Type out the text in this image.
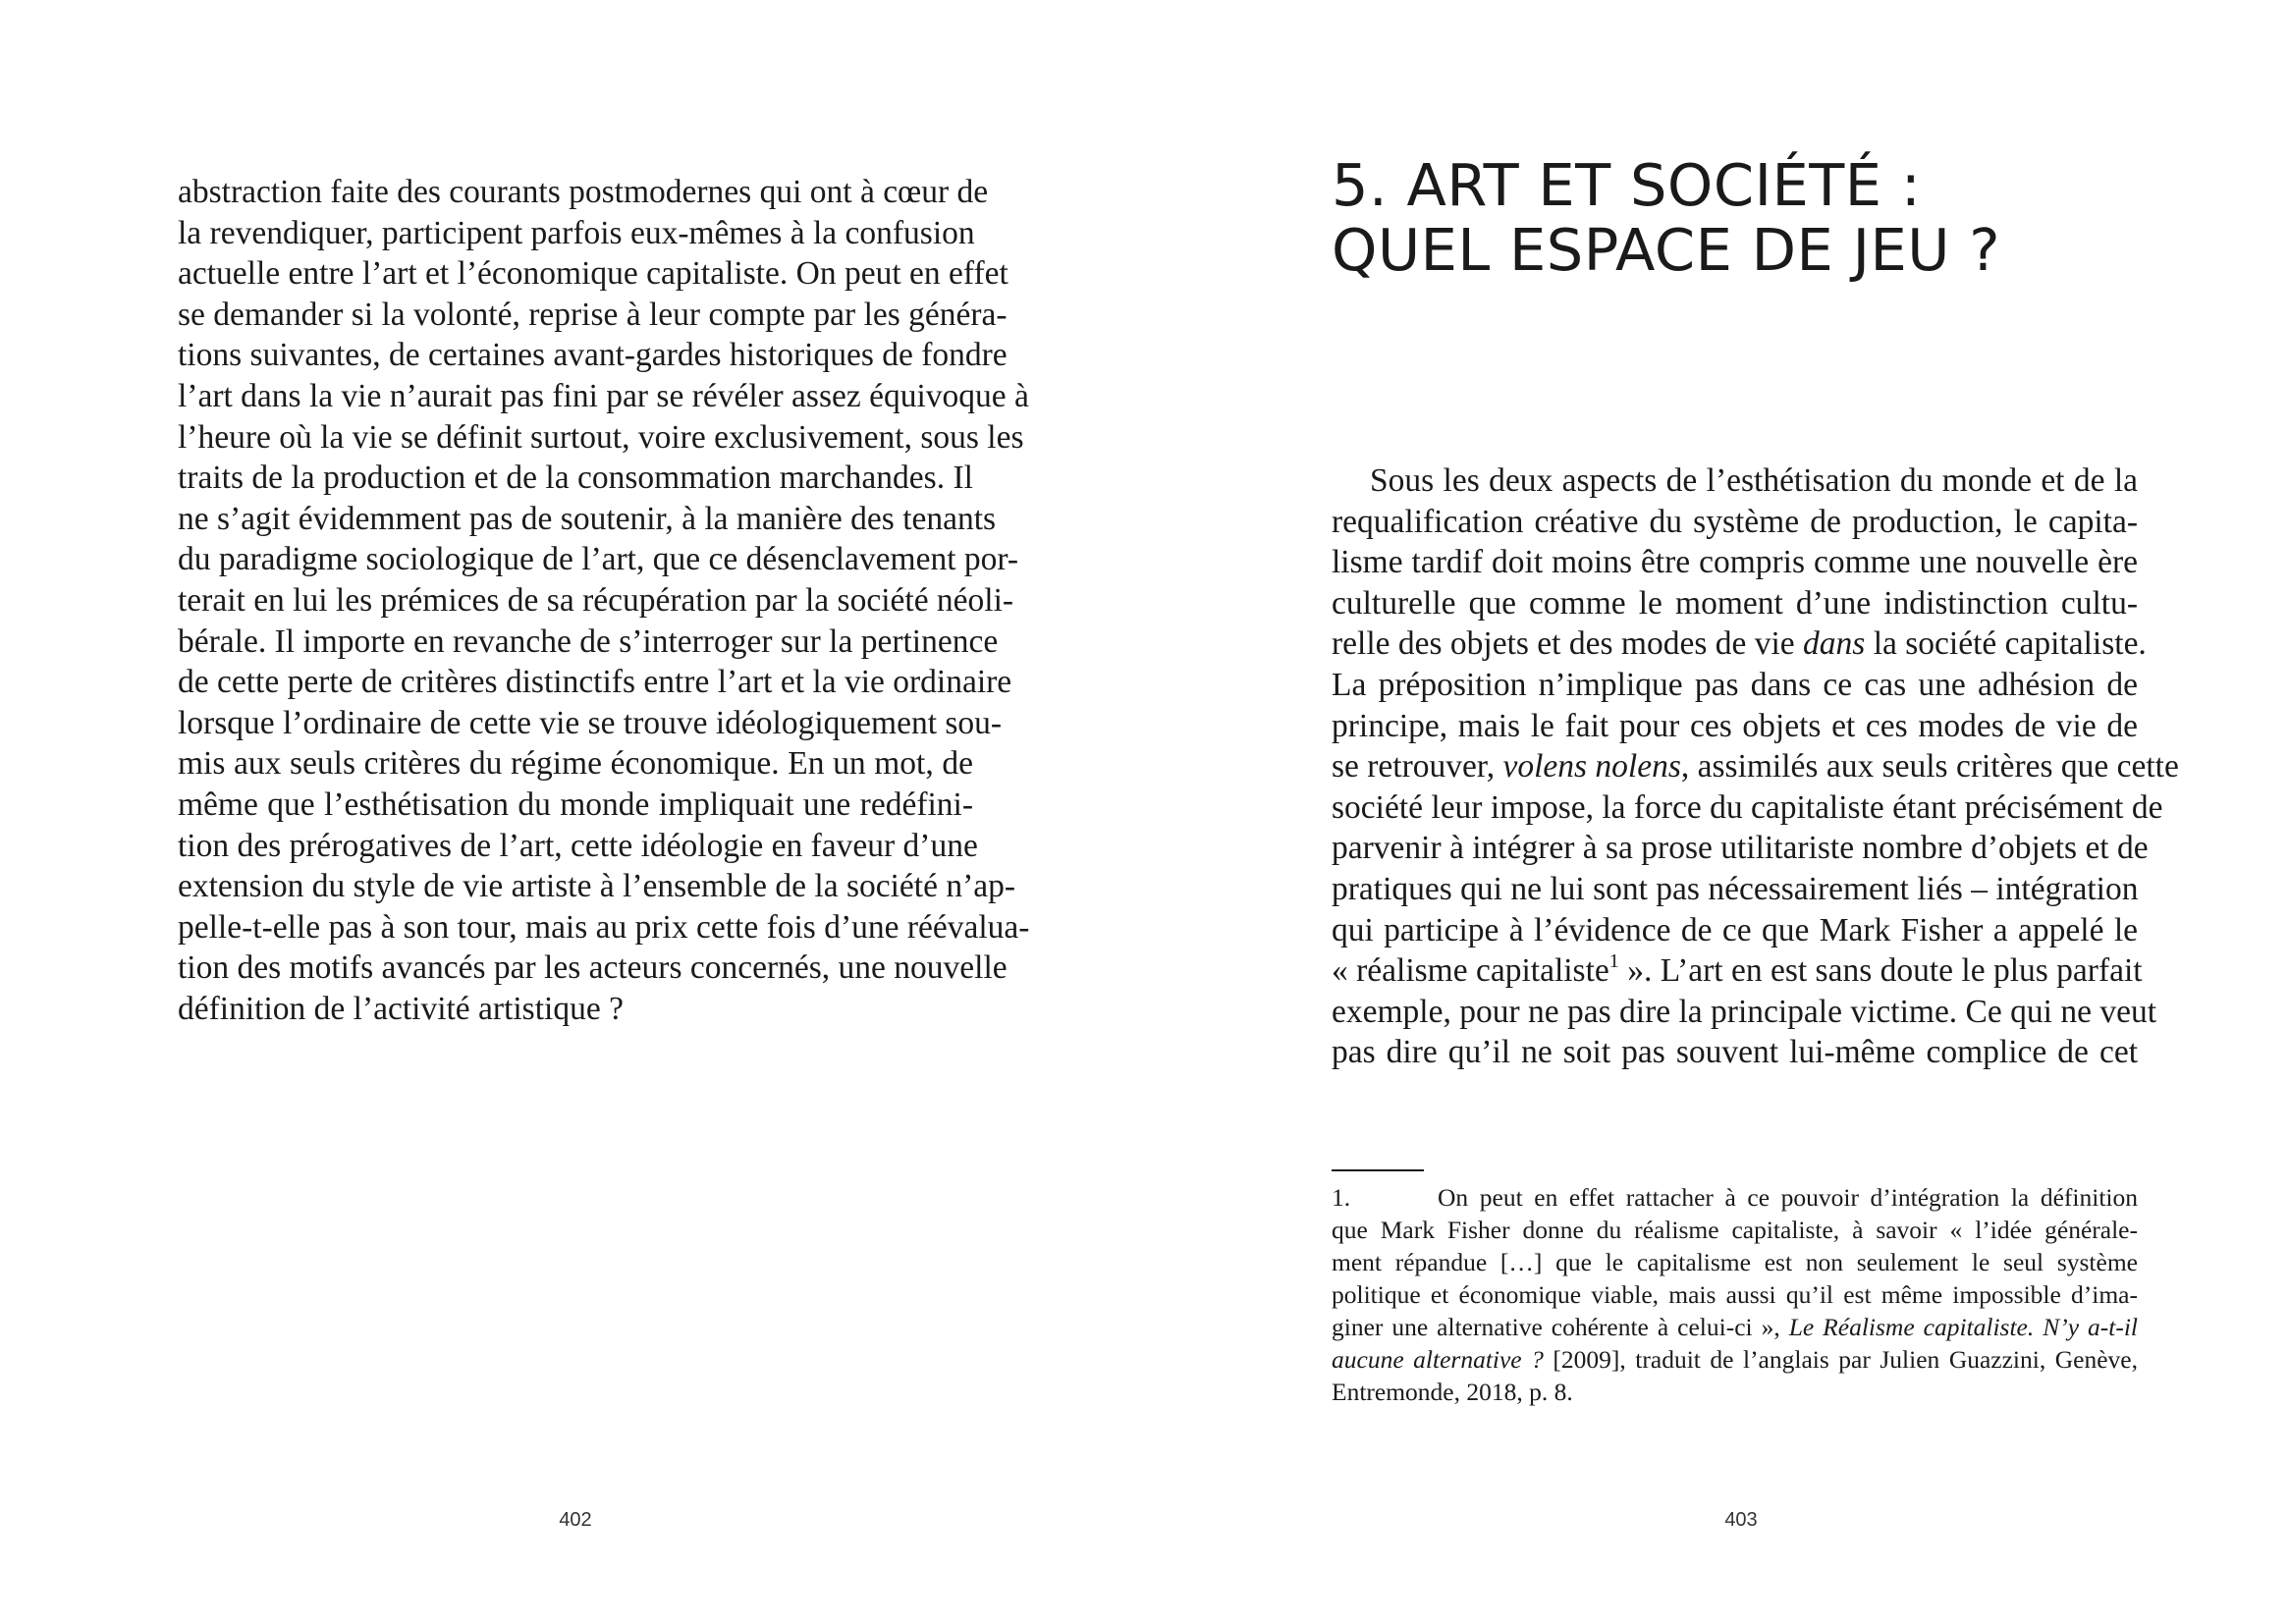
abstraction faite des courants postmodernes qui ont à cœur de
la revendiquer, participent parfois eux-mêmes à la confusion
actuelle entre l’art et l’économique capitaliste. On peut en effet
se demander si la volonté, reprise à leur compte par les généra-
tions suivantes, de certaines avant-gardes historiques de fondre
l’art dans la vie n’aurait pas fini par se révéler assez équivoque à
l’heure où la vie se définit surtout, voire exclusivement, sous les
traits de la production et de la consommation marchandes. Il
ne s’agit évidemment pas de soutenir, à la manière des tenants
du paradigme sociologique de l’art, que ce désenclavement por-
terait en lui les prémices de sa récupération par la société néoli-
bérale. Il importe en revanche de s’interroger sur la pertinence
de cette perte de critères distinctifs entre l’art et la vie ordinaire
lorsque l’ordinaire de cette vie se trouve idéologiquement sou-
mis aux seuls critères du régime économique. En un mot, de
même que l’esthétisation du monde impliquait une redéfini-
tion des prérogatives de l’art, cette idéologie en faveur d’une
extension du style de vie artiste à l’ensemble de la société n’ap-
pelle-t-elle pas à son tour, mais au prix cette fois d’une réévalua-
tion des motifs avancés par les acteurs concernés, une nouvelle
définition de l’activité artistique ?
402
5. ART ET SOCIÉTÉ :
QUEL ESPACE DE JEU ?
Sous les deux aspects de l’esthétisation du monde et de la
requalification créative du système de production, le capita-
lisme tardif doit moins être compris comme une nouvelle ère
culturelle que comme le moment d’une indistinction cultu-
relle des objets et des modes de vie dans la société capitaliste.
La préposition n’implique pas dans ce cas une adhésion de
principe, mais le fait pour ces objets et ces modes de vie de
se retrouver, volens nolens, assimilés aux seuls critères que cette
société leur impose, la force du capitaliste étant précisément de
parvenir à intégrer à sa prose utilitariste nombre d’objets et de
pratiques qui ne lui sont pas nécessairement liés – intégration
qui participe à l’évidence de ce que Mark Fisher a appelé le
« réalisme capitaliste$^1$ ». L’art en est sans doute le plus parfait
exemple, pour ne pas dire la principale victime. Ce qui ne veut
pas dire qu’il ne soit pas souvent lui-même complice de cet
1.	On peut en effet rattacher à ce pouvoir d’intégration la définition
que Mark Fisher donne du réalisme capitaliste, à savoir « l’idée générale-
ment répandue […] que le capitalisme est non seulement le seul système
politique et économique viable, mais aussi qu’il est même impossible d’ima-
giner une alternative cohérente à celui-ci », Le Réalisme capitaliste. N’y a-t-il
aucune alternative ? [2009], traduit de l’anglais par Julien Guazzini, Genève,
Entremonde, 2018, p. 8.
403
